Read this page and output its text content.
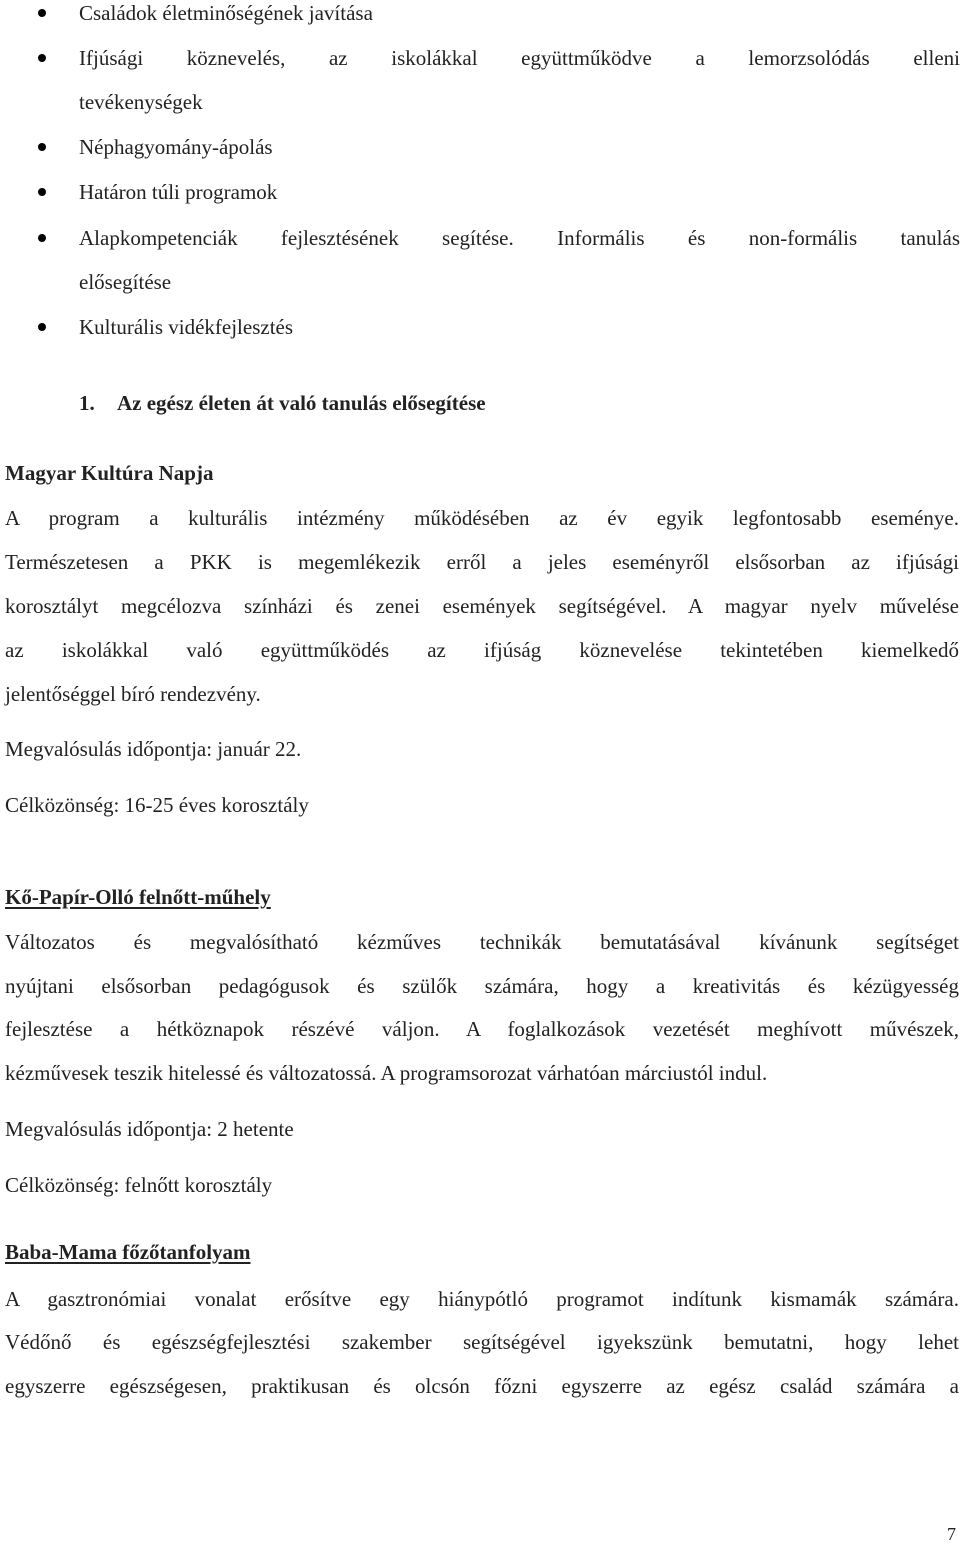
Családok életminőségének javítása
Ifjúsági köznevelés, az iskolákkal együttműködve a lemorzsolódás elleni
tevékenységek
Néphagyomány-ápolás
Határon túli programok
Alapkompetenciák fejlesztésének segítése. Informális és non-formális tanulás
elősegítése
Kulturális vidékfejlesztés
1. Az egész életen át való tanulás elősegítése
Magyar Kultúra Napja
A program a kulturális intézmény működésében az év egyik legfontosabb eseménye.
Természetesen a PKK is megemlékezik erről a jeles eseményről elsősorban az ifjúsági
korosztályt megcélozva színházi és zenei események segítségével. A magyar nyelv művelése
az iskolákkal való együttműködés az ifjúság köznevelése tekintetében kiemelkedő
jelentőséggel bíró rendezvény.
Megvalósulás időpontja: január 22.
Célközönség: 16-25 éves korosztály
Kő-Papír-Olló felnőtt-műhely
Változatos és megvalósítható kézműves technikák bemutatásával kívánunk segítséget
nyújtani elsősorban pedagógusok és szülők számára, hogy a kreativitás és kézügyesség
fejlesztése a hétköznapok részévé váljon. A foglalkozások vezetését meghívott művészek,
kézművesek teszik hitelessé és változatossá. A programsorozat várhatóan márciustól indul.
Megvalósulás időpontja: 2 hetente
Célközönség: felnőtt korosztály
Baba-Mama főzőtanfolyam
A gasztronómiai vonalat erősítve egy hiánypótló programot indítunk kismamák számára.
Védőnő és egészségfejlesztési szakember segítségével igyekszünk bemutatni, hogy lehet
egyszerre egészségesen, praktikusan és olcsón főzni egyszerre az egész család számára a
7
